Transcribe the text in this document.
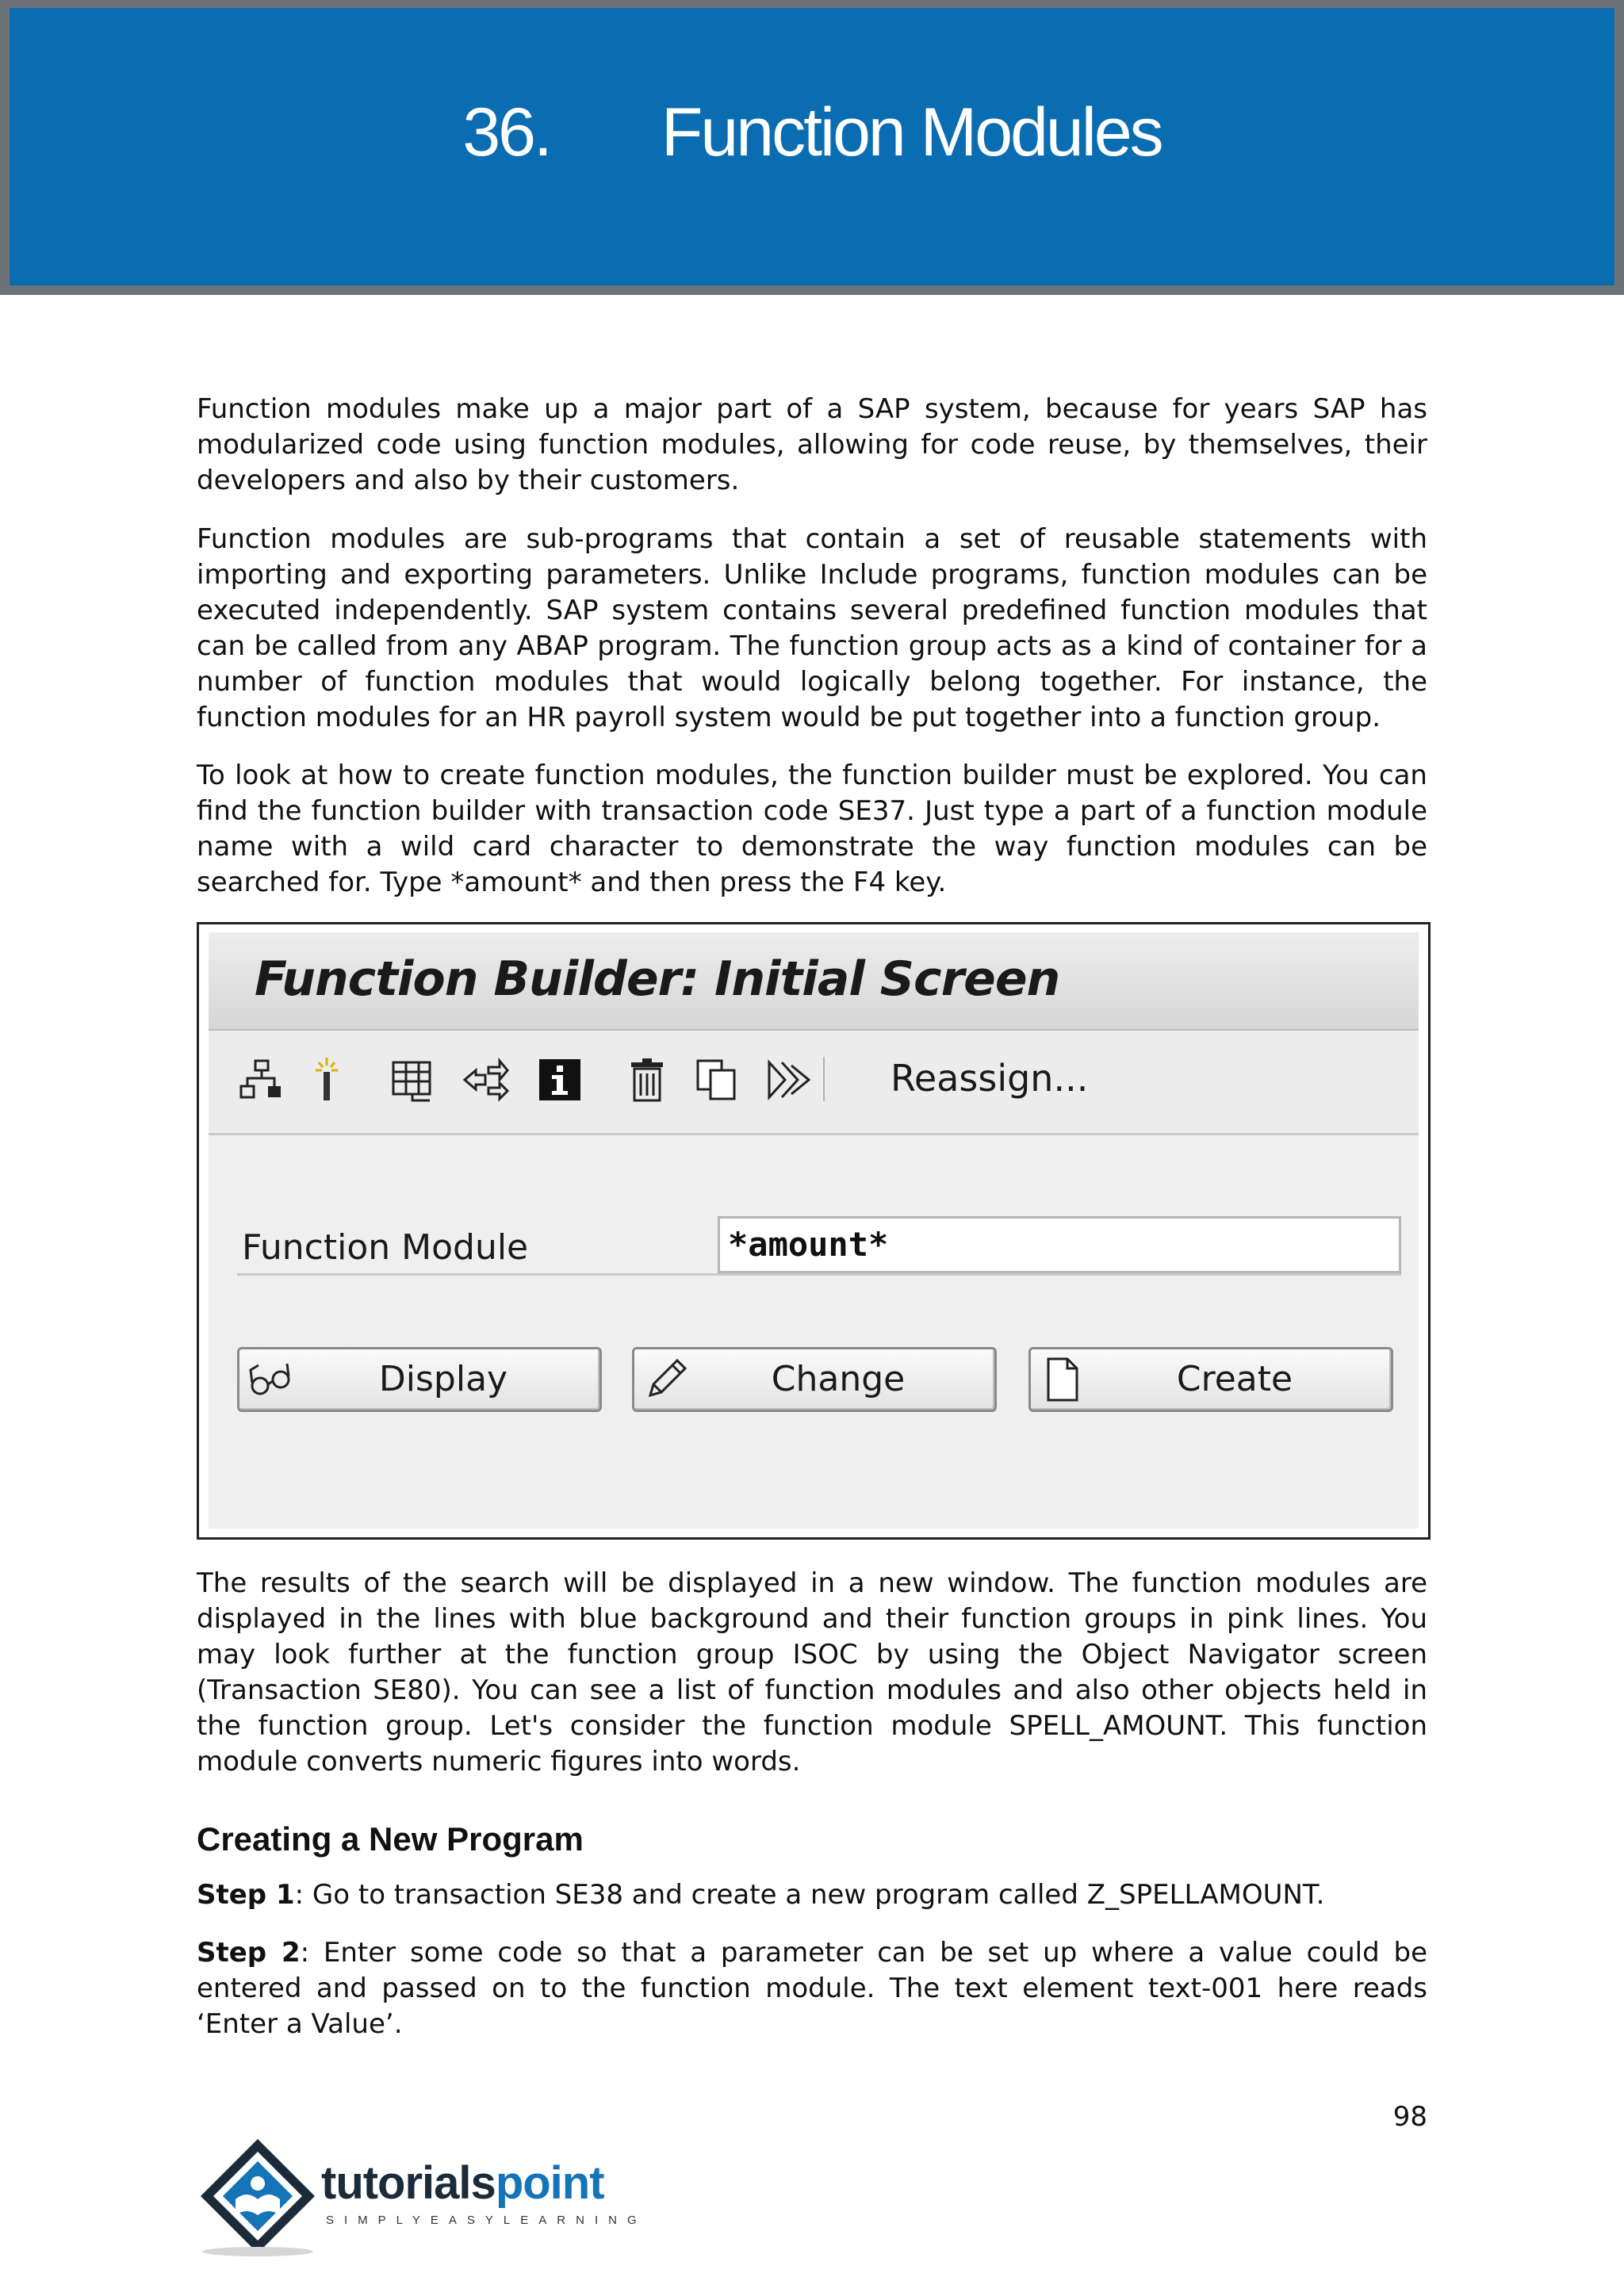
36. Function Modules

Function modules make up a major part of a SAP system, because for years SAP has modularized code using function modules, allowing for code reuse, by themselves, their developers and also by their customers.

Function modules are sub-programs that contain a set of reusable statements with importing and exporting parameters. Unlike Include programs, function modules can be executed independently. SAP system contains several predefined function modules that can be called from any ABAP program. The function group acts as a kind of container for a number of function modules that would logically belong together. For instance, the function modules for an HR payroll system would be put together into a function group.

To look at how to create function modules, the function builder must be explored. You can find the function builder with transaction code SE37. Just type a part of a function module name with a wild card character to demonstrate the way function modules can be searched for. Type *amount* and then press the F4 key.

Function Builder: Initial Screen
Reassign...
Function Module	*amount*
Display	Change	Create

The results of the search will be displayed in a new window. The function modules are displayed in the lines with blue background and their function groups in pink lines. You may look further at the function group ISOC by using the Object Navigator screen (Transaction SE80). You can see a list of function modules and also other objects held in the function group. Let's consider the function module SPELL_AMOUNT. This function module converts numeric figures into words.

Creating a New Program

Step 1: Go to transaction SE38 and create a new program called Z_SPELLAMOUNT.

Step 2: Enter some code so that a parameter can be set up where a value could be entered and passed on to the function module. The text element text-001 here reads ‘Enter a Value’.

98
tutorialspoint
SIMPLYEASYLEARNING
